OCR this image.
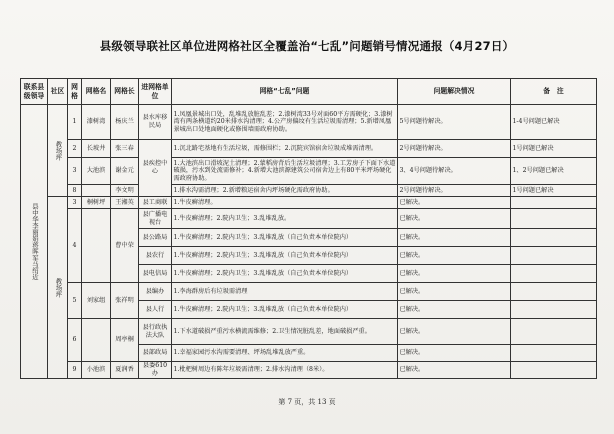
县级领导联社区单位进网格社区全覆盖治“七乱”问题销号情况通报（4月27日）
联系县级领导	社区	网格	网格名	网格长	进网格单位	网格“七乱”问题	问题解决情况	备　注

县中华李丽娟蒋晖军马绍近	教场坪	1	漆树湾	杨庆兰	县水库移民局	1.凤凰景城出口处，乱堆乱放脏乱差；2.漆树湾33号对面60平方需硬化；3.漆树湾有两条横道约20米排水沟清理；4.公产房偏坟有生活垃圾需清理；5.新增凤凰景城出口处地面硬化或修围墙需政府协助。	5号问题待解决。	1-4号问题已解决
		2	长坡井	张三春	县疾控中心	1.沉北路宅基地有生活垃圾，需修围栏；2.沉院宾馆宿舍垃圾成堆需清理。	2号问题待解决。	1号问题已解决
		3	大池滨	谢金元		1.大池滨出口滑坡泥土清理；2.蒙稻房背后生活垃圾清理；3.工芳房子下面下水道破损，污水到处流需修补；4.新增大池滨源建筑公司宿舍边上有80平米坪场硬化需政府协助。	3、4号问题待解决。	1、2号问题已解决
		8		李文明		1.排水沟需清理；2.新增粮运宿舍内坪场硬化需政府协助。	2号问题待解决。	1号问题已解决

	教场坪	3	桐树坪	王湘英	县工商联	1.牛皮癣清理。	已解决。	
		4		曹中荣	县广播电视台	1.牛皮癣清理；2.院内卫生；3.乱堆乱放。	已解决。	
					县公路局	1.牛皮癣清理；2.院内卫生；3.乱堆乱放（自己负责本单位院内）	已解决。	
					县农行	1.牛皮癣清理；2.院内卫生；3.乱堆乱放（自己负责本单位院内）	已解决。	
					县电信局	1.牛皮癣清理；2.院内卫生；3.乱堆乱放（自己负责本单位院内）	已解决。	
		5	刘家组	张祥明	县编办	1.李海群房后有垃圾需清理	已解决。	
					县人行	1.牛皮癣清理；2.院内卫生；3.乱堆乱放（自己负责本单位院内）	已解决。	
		6		周亭桐	县行政执法大队	1.下水道破损严重污水横流需维修；2.卫生情况脏乱差，地面破损严重。	已解决。	
					县部政局	1.幸福家园污水沟需要清理、坪场乱堆乱放严重。	已解决。	
		9	小池滨	夏润香	县委610办	1.枇杷树周边有陈年垃圾需清理；2.排水沟清理（8米）。	已解决。	
第 7 页，共 13 页
